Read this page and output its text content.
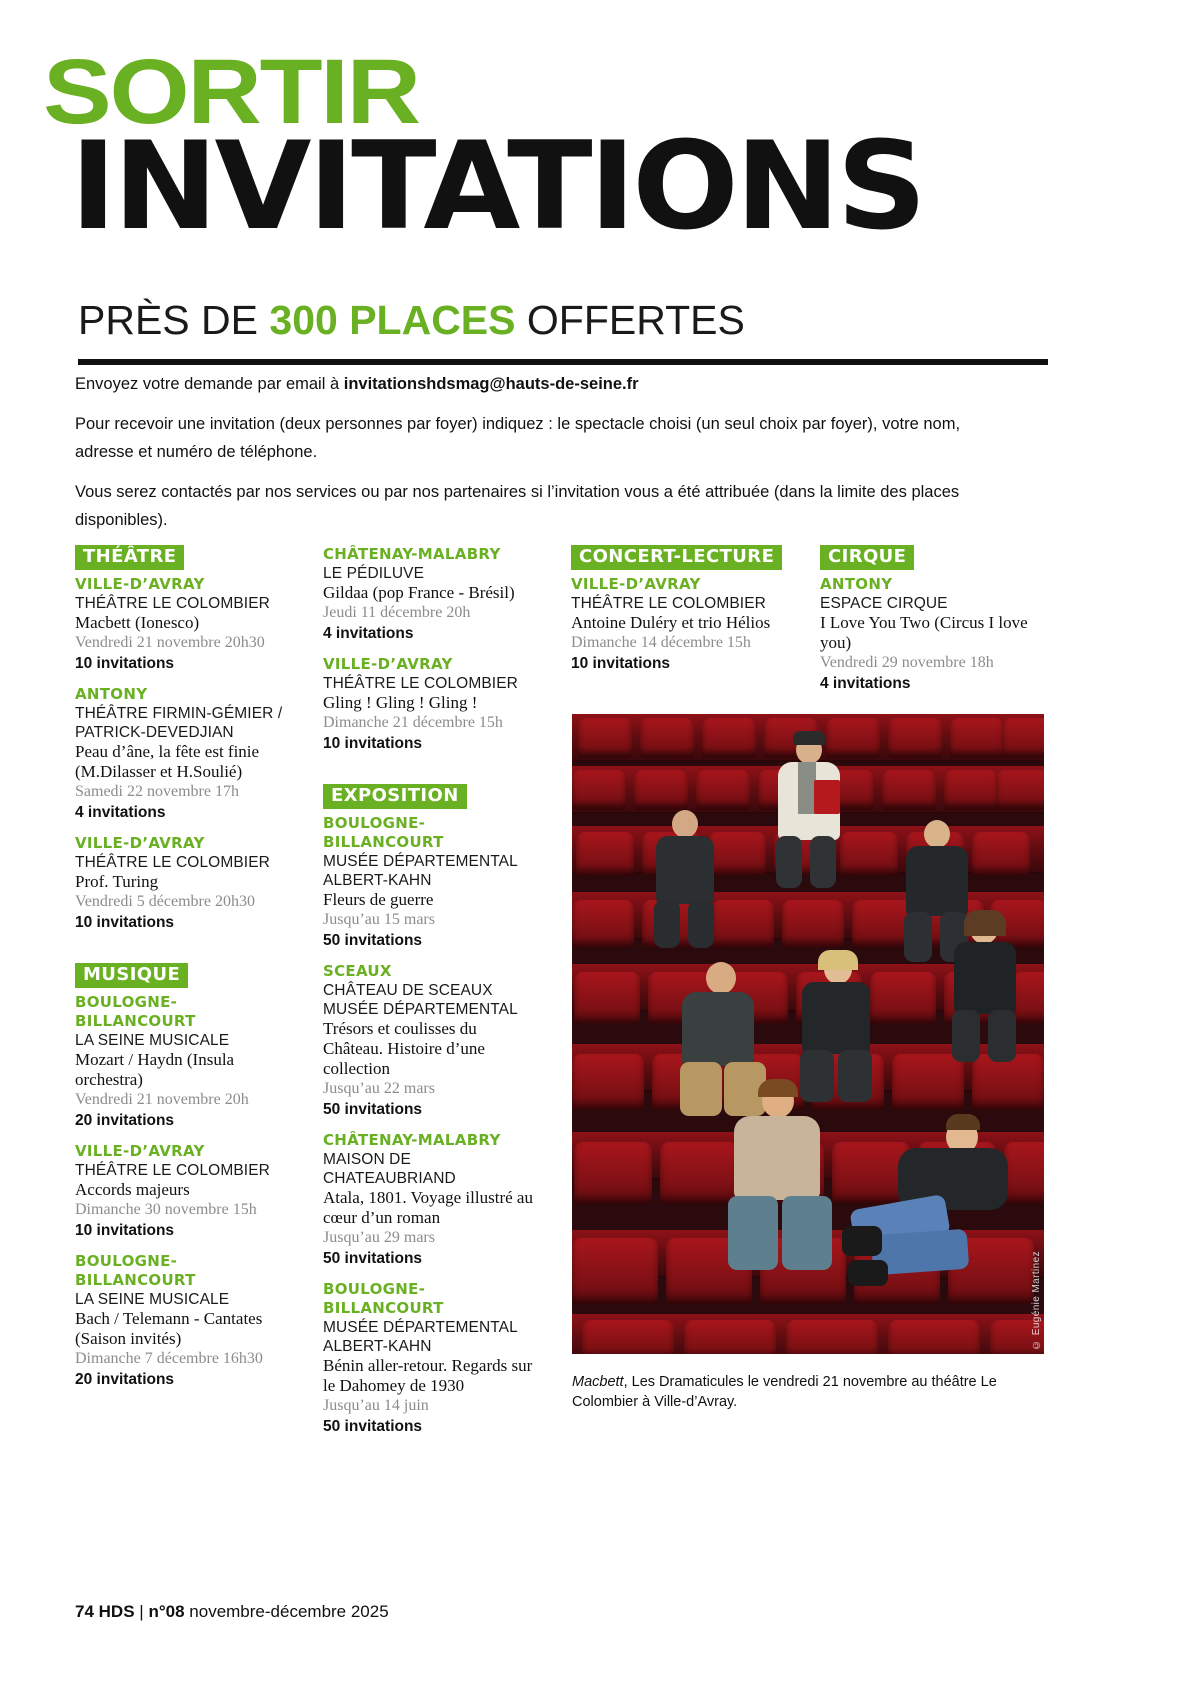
SORTIR
INVITATIONS
PRÈS DE 300 PLACES OFFERTES

Envoyez votre demande par email à invitationshdsmag@hauts-de-seine.fr

Pour recevoir une invitation (deux personnes par foyer) indiquez : le spectacle choisi (un seul choix par foyer), votre nom, adresse et numéro de téléphone.

Vous serez contactés par nos services ou par nos partenaires si l’invitation vous a été attribuée (dans la limite des places disponibles).

THÉÂTRE
VILLE-D’AVRAY
THÉÂTRE LE COLOMBIER
Macbett (Ionesco)
Vendredi 21 novembre 20h30
10 invitations
ANTONY
THÉÂTRE FIRMIN-GÉMIER / PATRICK-DEVEDJIAN
Peau d’âne, la fête est finie (M.Dilasser et H.Soulié)
Samedi 22 novembre 17h
4 invitations
VILLE-D’AVRAY
THÉÂTRE LE COLOMBIER
Prof. Turing
Vendredi 5 décembre 20h30
10 invitations
MUSIQUE
BOULOGNE-BILLANCOURT
LA SEINE MUSICALE
Mozart / Haydn (Insula orchestra)
Vendredi 21 novembre 20h
20 invitations
VILLE-D’AVRAY
THÉÂTRE LE COLOMBIER
Accords majeurs
Dimanche 30 novembre 15h
10 invitations
BOULOGNE-BILLANCOURT
LA SEINE MUSICALE
Bach / Telemann - Cantates (Saison invités)
Dimanche 7 décembre 16h30
20 invitations
CHÂTENAY-MALABRY
LE PÉDILUVE
Gildaa (pop France - Brésil)
Jeudi 11 décembre 20h
4 invitations
VILLE-D’AVRAY
THÉÂTRE LE COLOMBIER
Gling ! Gling ! Gling !
Dimanche 21 décembre 15h
10 invitations
EXPOSITION
BOULOGNE-BILLANCOURT
MUSÉE DÉPARTEMENTAL ALBERT-KAHN
Fleurs de guerre
Jusqu’au 15 mars
50 invitations
SCEAUX
CHÂTEAU DE SCEAUX MUSÉE DÉPARTEMENTAL
Trésors et coulisses du Château. Histoire d’une collection
Jusqu’au 22 mars
50 invitations
CHÂTENAY-MALABRY
MAISON DE CHATEAUBRIAND
Atala, 1801. Voyage illustré au cœur d’un roman
Jusqu’au 29 mars
50 invitations
BOULOGNE-BILLANCOURT
MUSÉE DÉPARTEMENTAL ALBERT-KAHN
Bénin aller-retour. Regards sur le Dahomey de 1930
Jusqu’au 14 juin
50 invitations
CONCERT-LECTURE
VILLE-D’AVRAY
THÉÂTRE LE COLOMBIER
Antoine Duléry et trio Hélios
Dimanche 14 décembre 15h
10 invitations
CIRQUE
ANTONY
ESPACE CIRQUE
I Love You Two (Circus I love you)
Vendredi 29 novembre 18h
4 invitations
© Eugénie Martinez
Macbett, Les Dramaticules le vendredi 21 novembre au théâtre Le Colombier à Ville-d’Avray.
74 HDS | n°08 novembre-décembre 2025
